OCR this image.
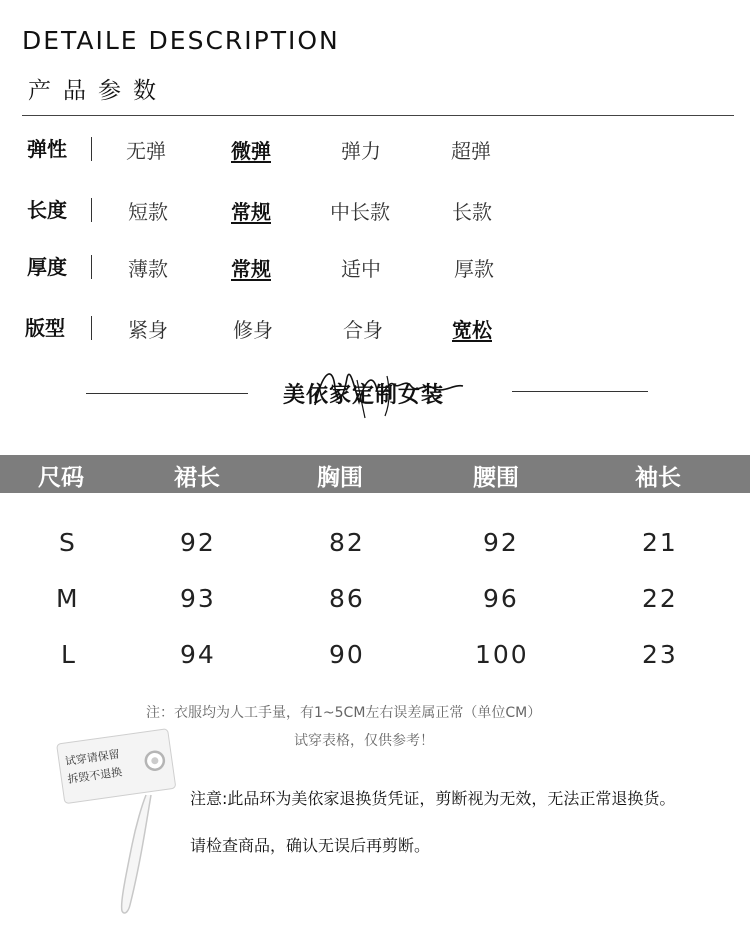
DETAILE DESCRIPTION
产品参数
弹性	无弹	微弹	弹力	超弹
长度	短款	常规	中长款	长款
厚度	薄款	常规	适中	厚款
版型	紧身	修身	合身	宽松
美依家定制女装
尺码	裙长	胸围	腰围	袖长
S	92	82	92	21
M	93	86	96	22
L	94	90	100	23
注：衣服均为人工手量，有1~5CM左右误差属正常（单位CM）
试穿表格，仅供参考！
试穿请保留
拆毁不退换
注意:此品环为美依家退换货凭证，剪断视为无效，无法正常退换货。
请检查商品，确认无误后再剪断。
